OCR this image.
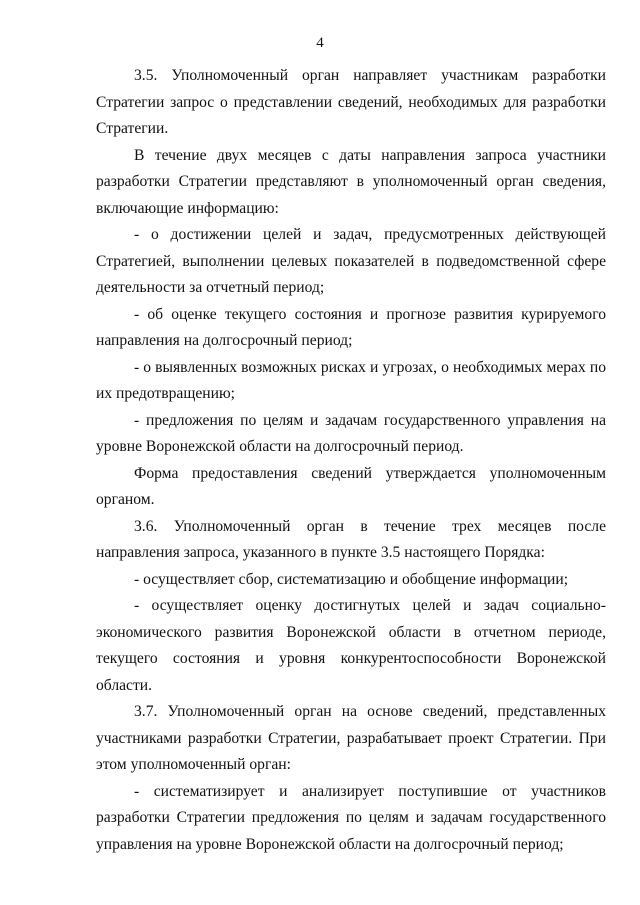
4

3.5. Уполномоченный орган направляет участникам разработки Стратегии запрос о представлении сведений, необходимых для разработки Стратегии.

В течение двух месяцев с даты направления запроса участники разработки Стратегии представляют в уполномоченный орган сведения, включающие информацию:

- о достижении целей и задач, предусмотренных действующей Стратегией, выполнении целевых показателей в подведомственной сфере деятельности за отчетный период;

- об оценке текущего состояния и прогнозе развития курируемого направления на долгосрочный период;

- о выявленных возможных рисках и угрозах, о необходимых мерах по их предотвращению;

- предложения по целям и задачам государственного управления на уровне Воронежской области на долгосрочный период.

Форма предоставления сведений утверждается уполномоченным органом.

3.6. Уполномоченный орган в течение трех месяцев после направления запроса, указанного в пункте 3.5 настоящего Порядка:

- осуществляет сбор, систематизацию и обобщение информации;

- осуществляет оценку достигнутых целей и задач социально-экономического развития Воронежской области в отчетном периоде, текущего состояния и уровня конкурентоспособности Воронежской области.

3.7. Уполномоченный орган на основе сведений, представленных участниками разработки Стратегии, разрабатывает проект Стратегии. При этом уполномоченный орган:

- систематизирует и анализирует поступившие от участников разработки Стратегии предложения по целям и задачам государственного управления на уровне Воронежской области на долгосрочный период;
